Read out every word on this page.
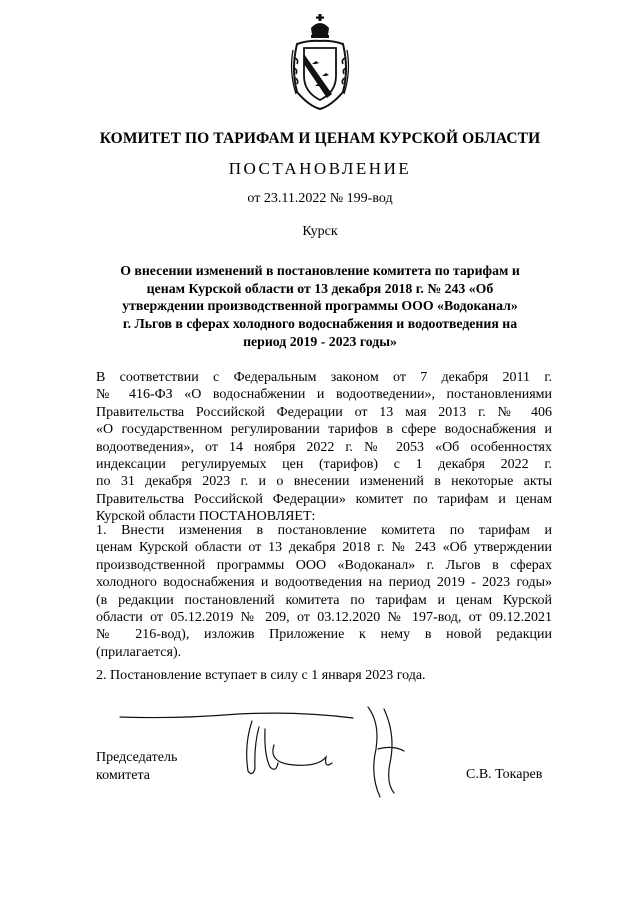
КОМИТЕТ ПО ТАРИФАМ И ЦЕНАМ КУРСКОЙ ОБЛАСТИ
ПОСТАНОВЛЕНИЕ
от 23.11.2022 № 199-вод
Курск
О внесении изменений в постановление комитета по тарифам и
ценам Курской области от 13 декабря 2018 г. № 243 «Об
утверждении производственной программы ООО «Водоканал»
г. Льгов в сферах холодного водоснабжения и водоотведения на
период 2019 - 2023 годы»
В соответствии с Федеральным законом от 7 декабря 2011 г.
№ 416-ФЗ «О водоснабжении и водоотведении», постановлениями
Правительства Российской Федерации от 13 мая 2013 г. № 406
«О государственном регулировании тарифов в сфере водоснабжения и
водоотведения», от 14 ноября 2022 г. № 2053 «Об особенностях
индексации регулируемых цен (тарифов) с 1 декабря 2022 г.
по 31 декабря 2023 г. и о внесении изменений в некоторые акты
Правительства Российской Федерации» комитет по тарифам и ценам
Курской области ПОСТАНОВЛЯЕТ:
1. Внести изменения в постановление комитета по тарифам и
ценам Курской области от 13 декабря 2018 г. № 243 «Об утверждении
производственной программы ООО «Водоканал» г. Льгов в сферах
холодного водоснабжения и водоотведения на период 2019 - 2023 годы»
(в редакции постановлений комитета по тарифам и ценам Курской
области от 05.12.2019 № 209, от 03.12.2020 № 197-вод, от 09.12.2021
№ 216-вод), изложив Приложение к нему в новой редакции
(прилагается).
2. Постановление вступает в силу с 1 января 2023 года.
Председатель
комитета	С.В. Токарев
